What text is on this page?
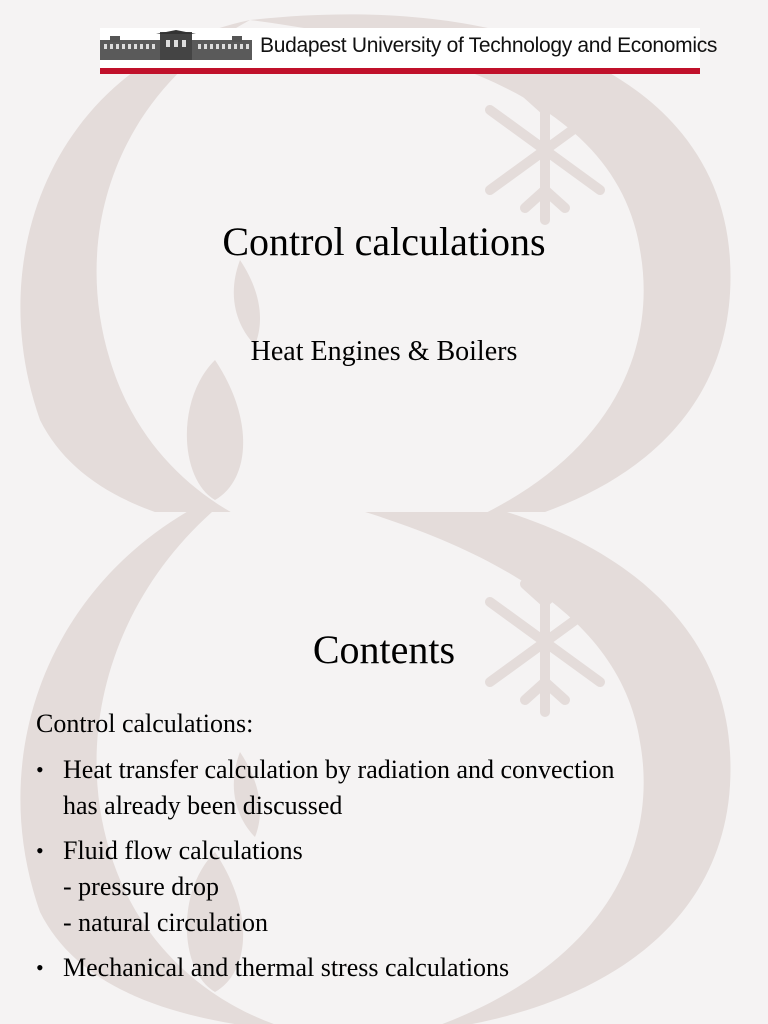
Budapest University of Technology and Economics
Control calculations
Heat Engines & Boilers
Contents
Control calculations:
• Heat transfer calculation by radiation and convection
has already been discussed
• Fluid flow calculations
- pressure drop
- natural circulation
• Mechanical and thermal stress calculations
